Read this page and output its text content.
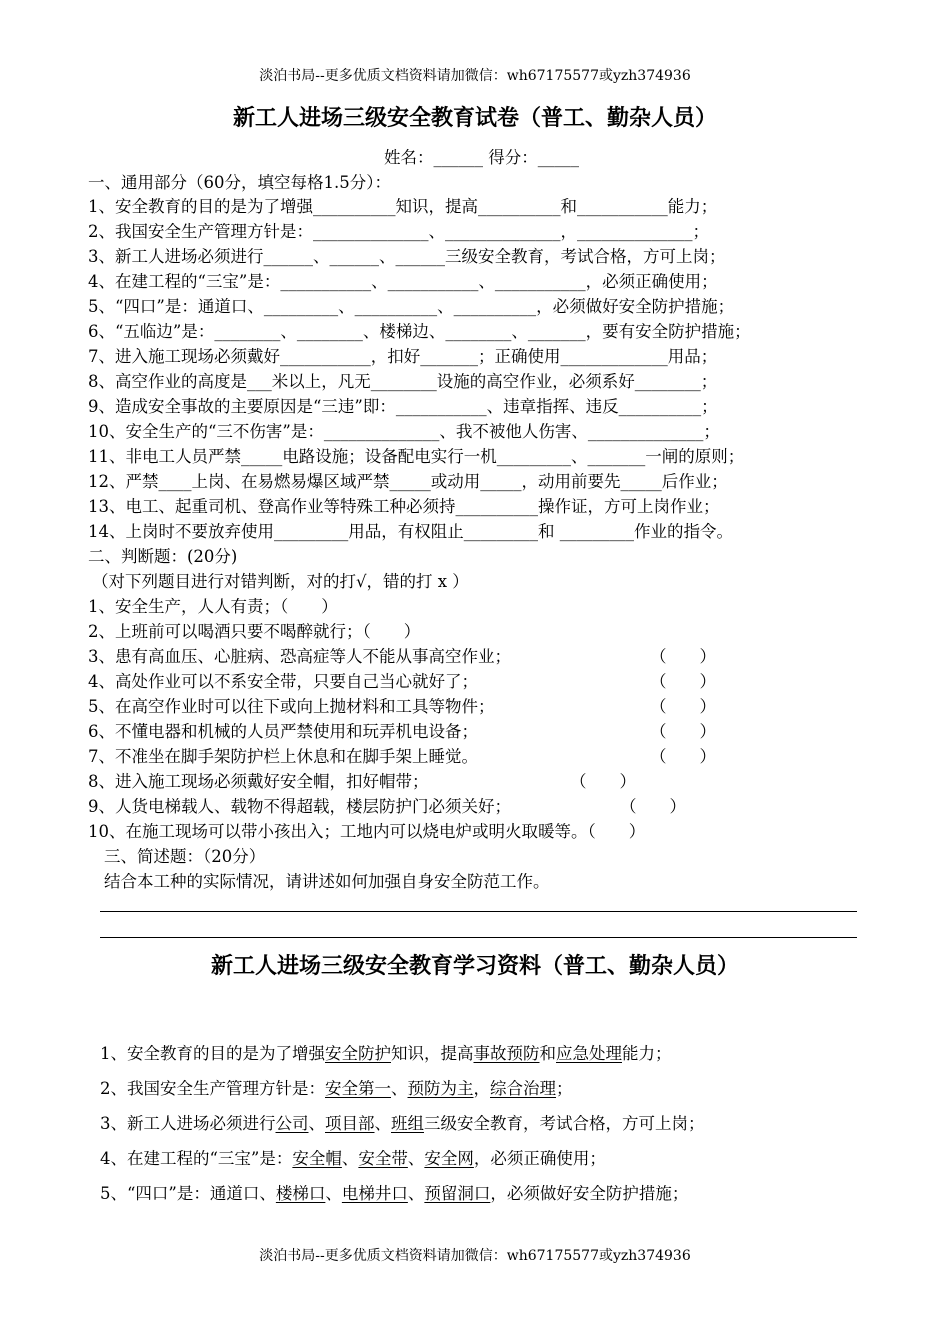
淡泊书局--更多优质文档资料请加微信：wh67175577或yzh374936
新工人进场三级安全教育试卷（普工、勤杂人员）
姓名：______ 得分：_____
一、通用部分（60分，填空每格1.5分）：
1、安全教育的目的是为了增强__________知识，提高__________和___________能力；
2、我国安全生产管理方针是：______________、______________，______________；
3、新工人进场必须进行______、______、______三级安全教育，考试合格，方可上岗；
4、在建工程的“三宝”是：___________、___________、___________，必须正确使用；
5、“四口”是：通道口、_________、__________、__________，必须做好安全防护措施；
6、“五临边”是：________、________、楼梯边、________、_______，要有安全防护措施；
7、进入施工现场必须戴好___________，扣好_______；正确使用_____________用品；
8、高空作业的高度是___米以上，凡无________设施的高空作业，必须系好________；
9、造成安全事故的主要原因是“三违”即：___________、违章指挥、违反__________；
10、安全生产的“三不伤害”是：______________、我不被他人伤害、______________；
11、非电工人员严禁_____电路设施；设备配电实行一机_________、_______一闸的原则；
12、严禁____上岗、在易燃易爆区域严禁_____或动用_____，动用前要先_____后作业；
13、电工、起重司机、登高作业等特殊工种必须持__________操作证，方可上岗作业；
14、上岗时不要放弃使用_________用品，有权阻止_________和 _________作业的指令。
二、判断题：(20分)
（对下列题目进行对错判断，对的打√，错的打 x ）
1、安全生产，人人有责；（　　）
2、上班前可以喝酒只要不喝醉就行；（　　）
3、患有高血压、心脏病、恐高症等人不能从事高空作业；	（　　）
4、高处作业可以不系安全带，只要自己当心就好了；	（　　）
5、在高空作业时可以往下或向上抛材料和工具等物件；	（　　）
6、不懂电器和机械的人员严禁使用和玩弄机电设备；	（　　）
7、不准坐在脚手架防护栏上休息和在脚手架上睡觉。	（　　）
8、进入施工现场必须戴好安全帽，扣好帽带；	（　　）
9、人货电梯载人、载物不得超载，楼层防护门必须关好；	（　　）
10、在施工现场可以带小孩出入；工地内可以烧电炉或明火取暖等。（　　）
三、简述题：（20分）
结合本工种的实际情况，请讲述如何加强自身安全防范工作。
新工人进场三级安全教育学习资料（普工、勤杂人员）
1、安全教育的目的是为了增强安全防护知识，提高事故预防和应急处理能力；
2、我国安全生产管理方针是：安全第一、预防为主，综合治理；
3、新工人进场必须进行公司、项目部、班组三级安全教育，考试合格，方可上岗；
4、在建工程的“三宝”是：安全帽、安全带、安全网，必须正确使用；
5、“四口”是：通道口、楼梯口、电梯井口、预留洞口，必须做好安全防护措施；
淡泊书局--更多优质文档资料请加微信：wh67175577或yzh374936
